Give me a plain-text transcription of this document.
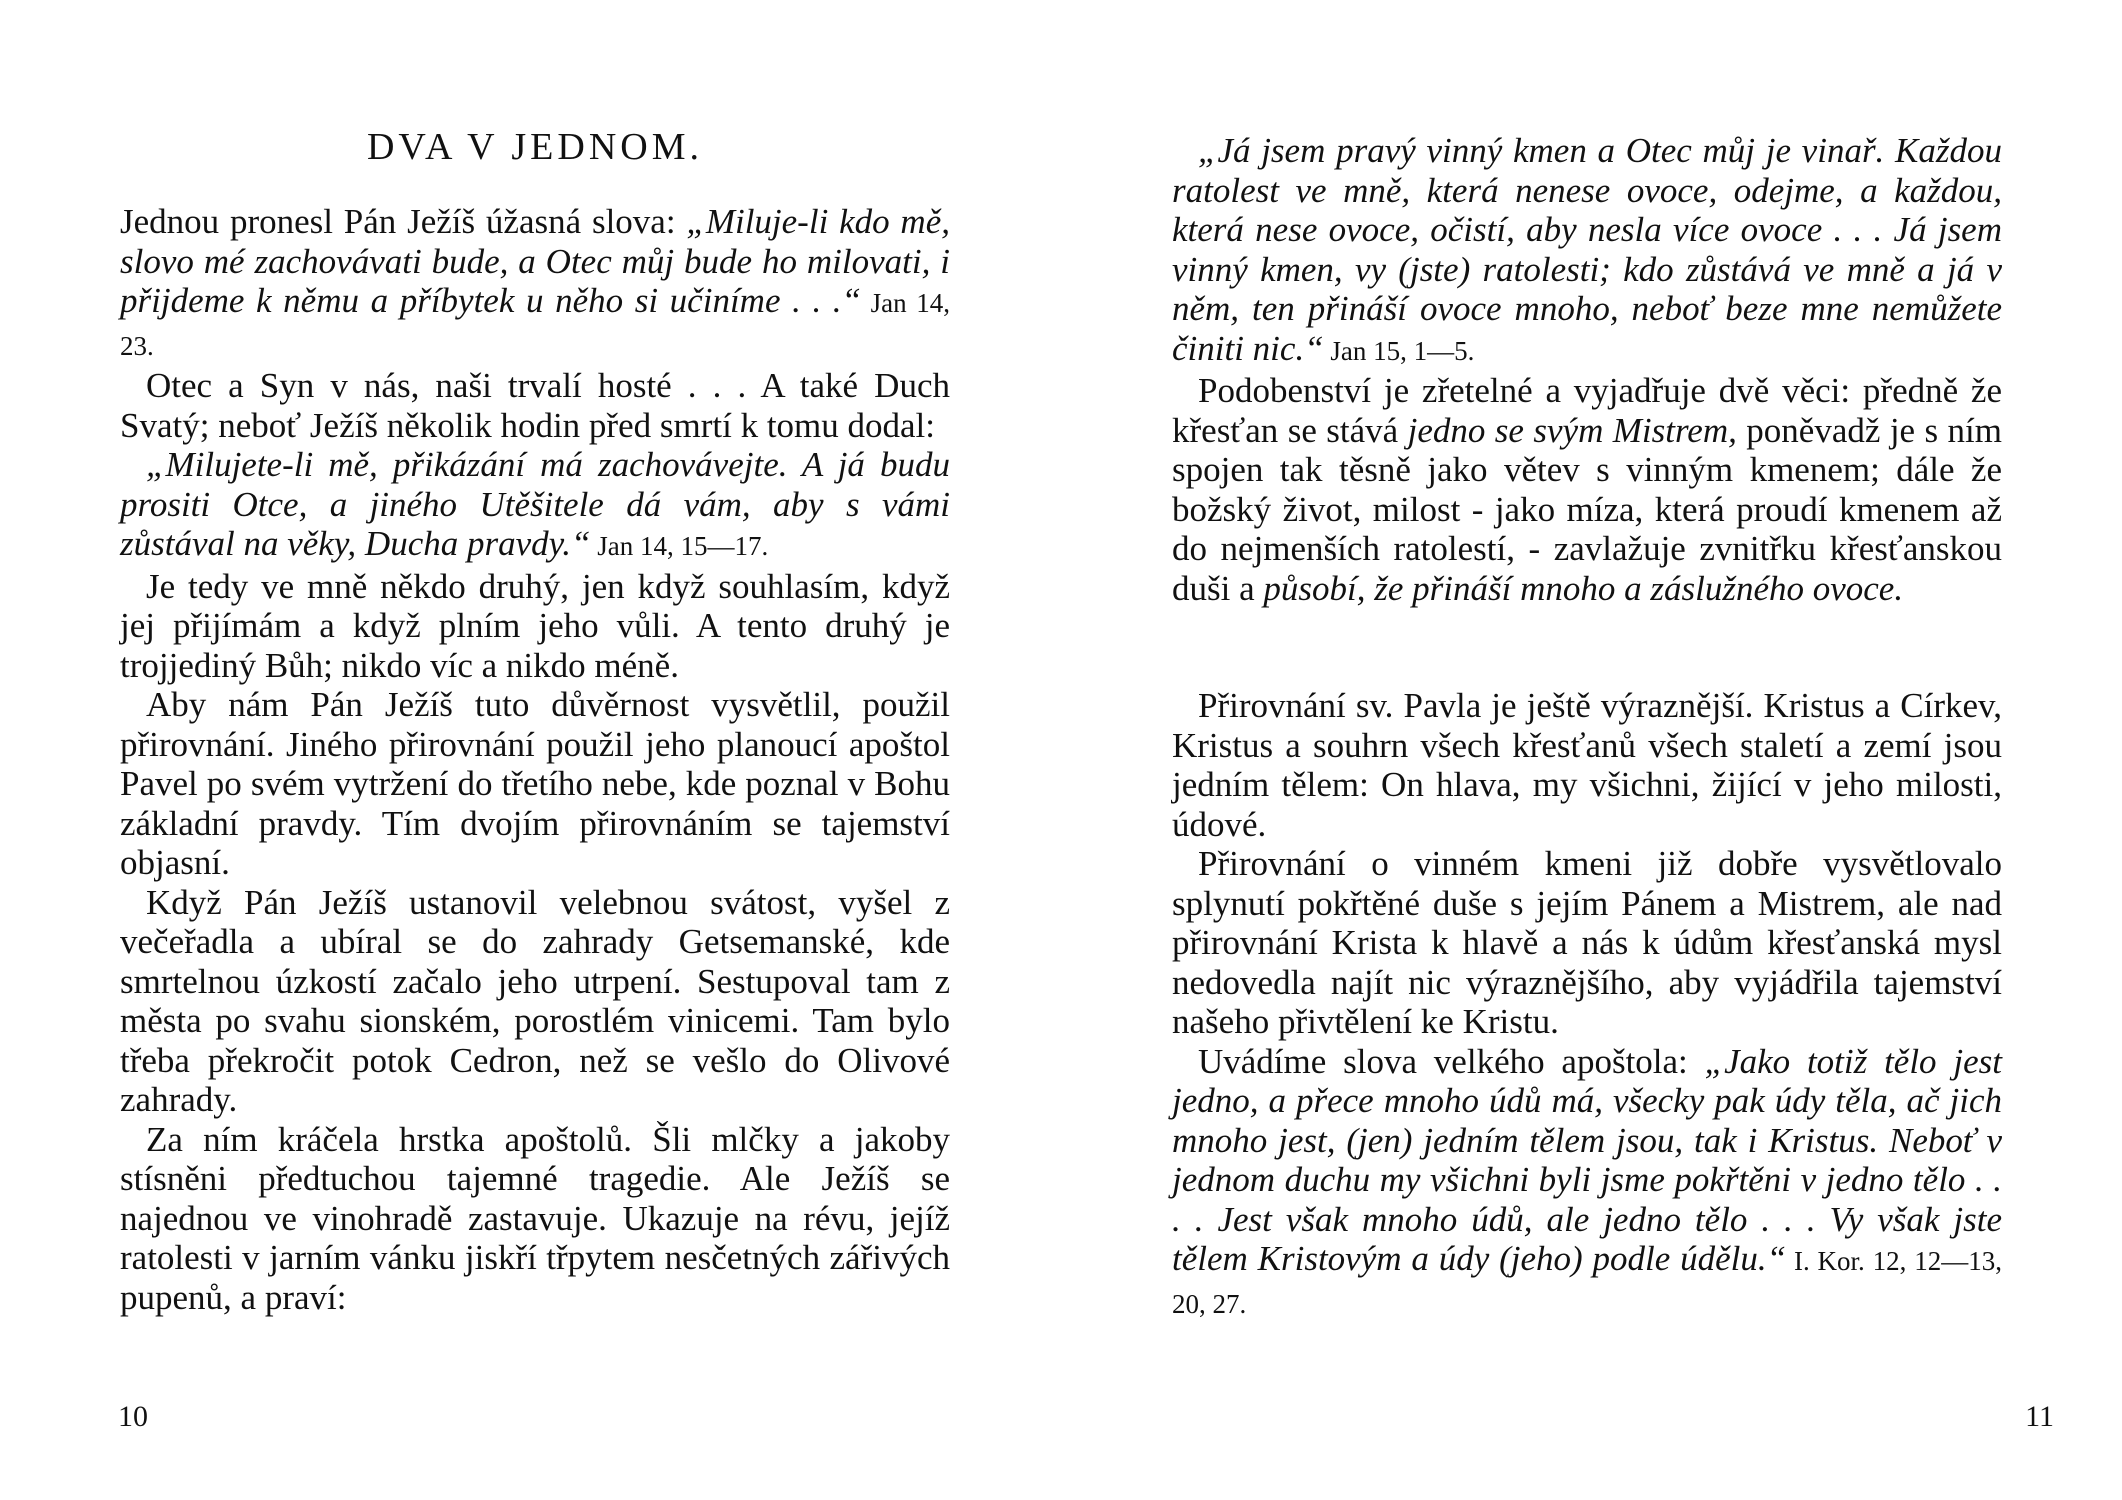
DVA V JEDNOM.

Jednou pronesl Pán Ježíš úžasná slova: „Miluje-li kdo mě, slovo mé zachovávati bude, a Otec můj bude ho milovati, i přijdeme k němu a příbytek u něho si učiníme . . .“ Jan 14, 23.

Otec a Syn v nás, naši trvalí hosté . . . A také Duch Svatý; neboť Ježíš několik hodin před smrtí k tomu dodal:

„Milujete-li mě, přikázání má zachovávejte. A já budu prositi Otce, a jiného Utěšitele dá vám, aby s vámi zůstával na věky, Ducha pravdy.“ Jan 14, 15—17.

Je tedy ve mně někdo druhý, jen když souhlasím, když jej přijímám a když plním jeho vůli. A tento druhý je trojjediný Bůh; nikdo víc a nikdo méně.

Aby nám Pán Ježíš tuto důvěrnost vysvětlil, použil přirovnání. Jiného přirovnání použil jeho planoucí apoštol Pavel po svém vytržení do třetího nebe, kde poznal v Bohu základní pravdy. Tím dvojím přirovnáním se tajemství objasní.

Když Pán Ježíš ustanovil velebnou svátost, vyšel z večeřadla a ubíral se do zahrady Getsemanské, kde smrtelnou úzkostí začalo jeho utrpení. Sestupoval tam z města po svahu sionském, porostlém vinicemi. Tam bylo třeba překročit potok Cedron, než se vešlo do Olivové zahrady.

Za ním kráčela hrstka apoštolů. Šli mlčky a jakoby stísněni předtuchou tajemné tragedie. Ale Ježíš se najednou ve vinohradě zastavuje. Ukazuje na révu, jejíž ratolesti v jarním vánku jiskří třpytem nesčetných zářivých pupenů, a praví:

10

„Já jsem pravý vinný kmen a Otec můj je vinař. Každou ratolest ve mně, která nenese ovoce, odejme, a každou, která nese ovoce, očistí, aby nesla více ovoce . . . Já jsem vinný kmen, vy (jste) ratolesti; kdo zůstává ve mně a já v něm, ten přináší ovoce mnoho, neboť beze mne nemůžete činiti nic.“ Jan 15, 1—5.

Podobenství je zřetelné a vyjadřuje dvě věci: předně že křesťan se stává jedno se svým Mistrem, poněvadž je s ním spojen tak těsně jako větev s vinným kmenem; dále že božský život, milost - jako míza, která proudí kmenem až do nejmenších ratolestí, - zavlažuje zvnitřku křesťanskou duši a působí, že přináší mnoho a záslužného ovoce.

Přirovnání sv. Pavla je ještě výraznější. Kristus a Církev, Kristus a souhrn všech křesťanů všech staletí a zemí jsou jedním tělem: On hlava, my všichni, žijící v jeho milosti, údové.

Přirovnání o vinném kmeni již dobře vysvětlovalo splynutí pokřtěné duše s jejím Pánem a Mistrem, ale nad přirovnání Krista k hlavě a nás k údům křesťanská mysl nedovedla najít nic výraznějšího, aby vyjádřila tajemství našeho přivtělení ke Kristu.

Uvádíme slova velkého apoštola: „Jako totiž tělo jest jedno, a přece mnoho údů má, všecky pak údy těla, ač jich mnoho jest, (jen) jedním tělem jsou, tak i Kristus. Neboť v jednom duchu my všichni byli jsme pokřtěni v jedno tělo . . . . Jest však mnoho údů, ale jedno tělo . . . Vy však jste tělem Kristovým a údy (jeho) podle údělu.“ I. Kor. 12, 12—13, 20, 27.

11
